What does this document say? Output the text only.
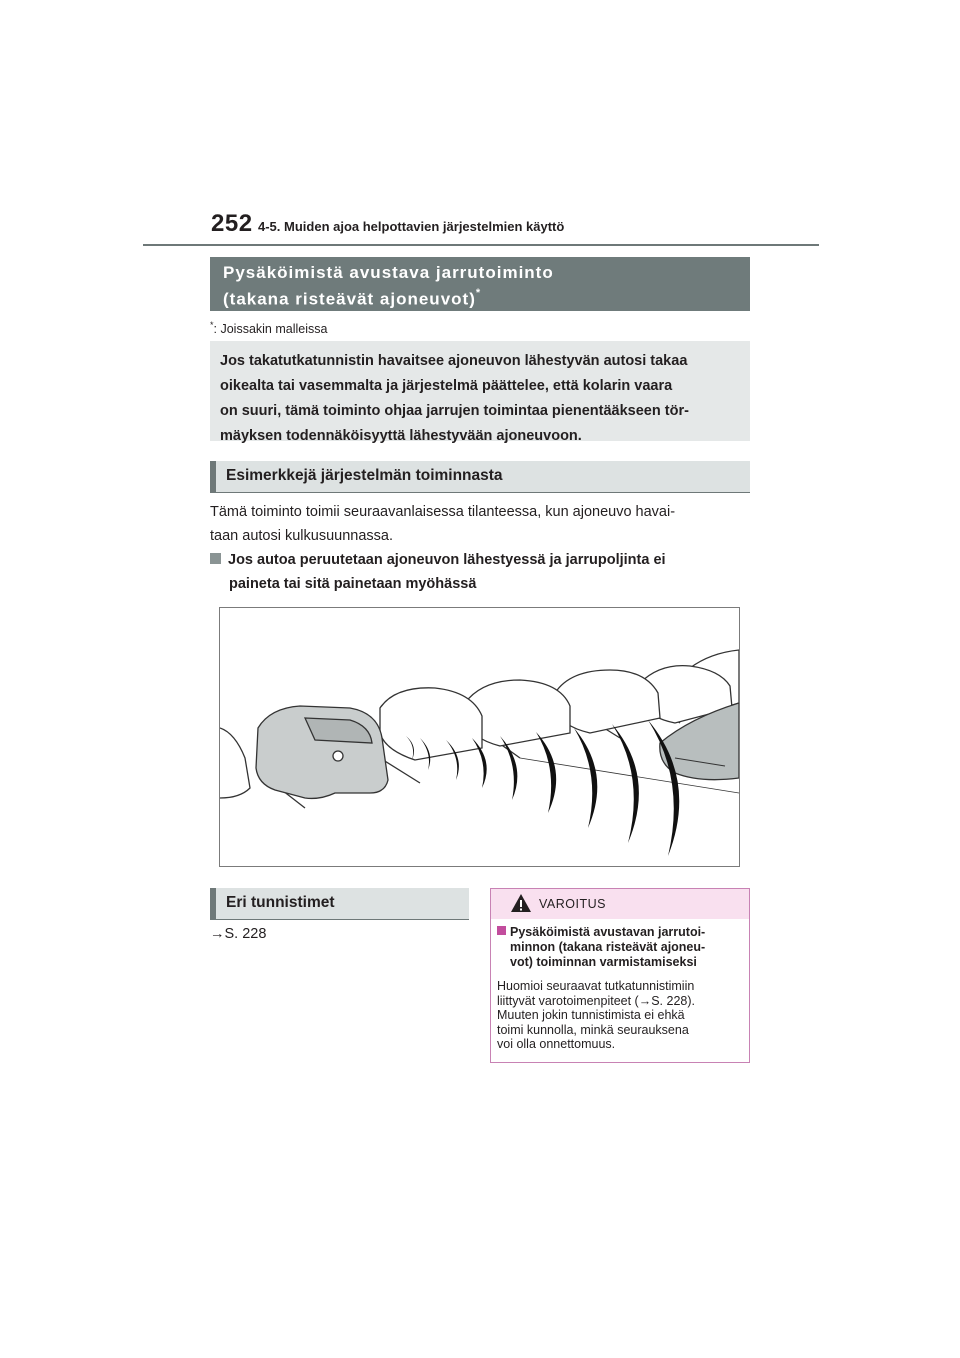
252 4-5. Muiden ajoa helpottavien järjestelmien käyttö
Pysäköimistä avustava jarrutoiminto
(takana risteävät ajoneuvot)*
*: Joissakin malleissa
Jos takatutkatunnistin havaitsee ajoneuvon lähestyvän autosi takaa
oikealta tai vasemmalta ja järjestelmä päättelee, että kolarin vaara
on suuri, tämä toiminto ohjaa jarrujen toimintaa pienentääkseen tör-
mäyksen todennäköisyyttä lähestyvään ajoneuvoon.
Esimerkkejä järjestelmän toiminnasta
Tämä toiminto toimii seuraavanlaisessa tilanteessa, kun ajoneuvo havai-
taan autosi kulkusuunnassa.
Jos autoa peruutetaan ajoneuvon lähestyessä ja jarrupoljinta ei
paineta tai sitä painetaan myöhässä
Eri tunnistimet
→S. 228
VAROITUS
Pysäköimistä avustavan jarrutoi-
minnon (takana risteävät ajoneu-
vot) toiminnan varmistamiseksi
Huomioi seuraavat tutkatunnistimiin
liittyvät varotoimenpiteet (→S. 228).
Muuten jokin tunnistimista ei ehkä
toimi kunnolla, minkä seurauksena
voi olla onnettomuus.
